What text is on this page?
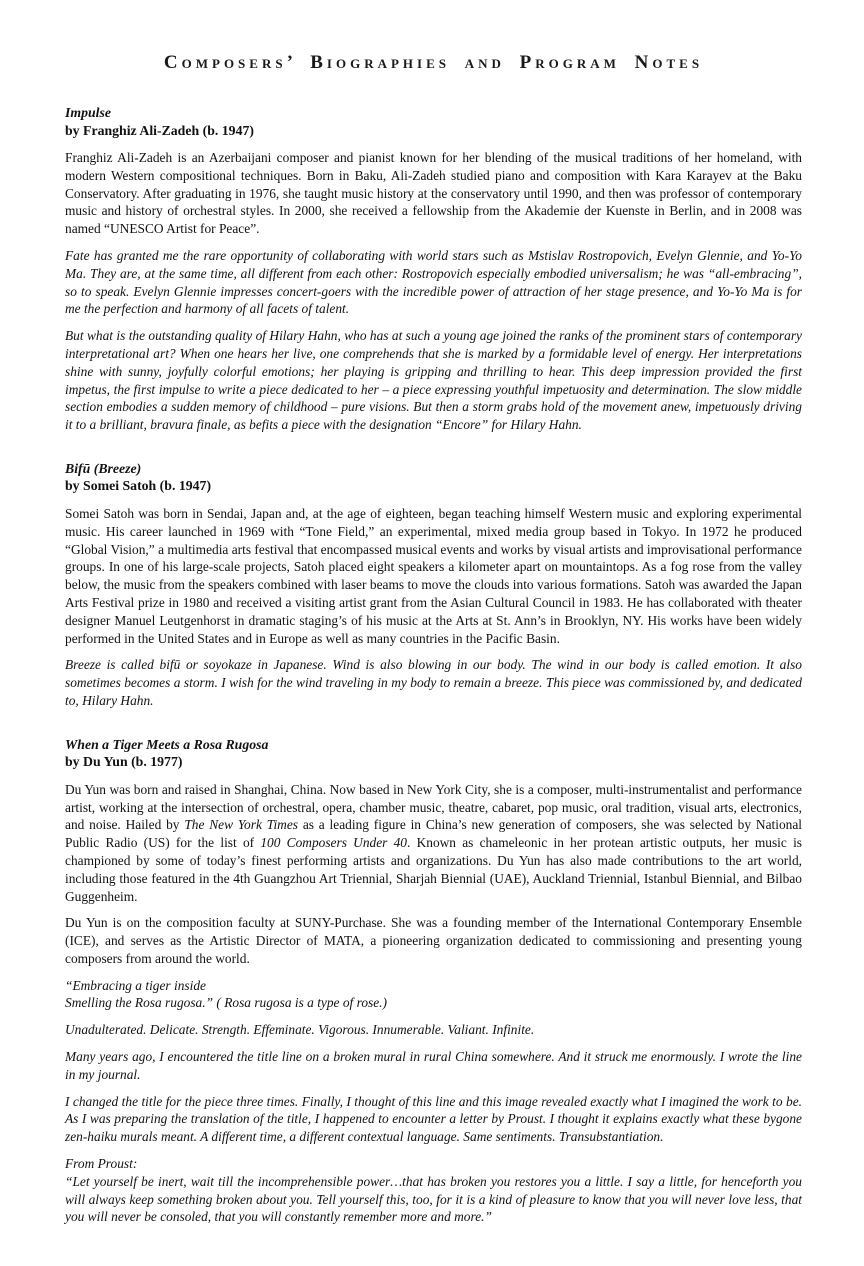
Composers’ Biographies and Program Notes
Impulse
by Franghiz Ali-Zadeh (b. 1947)

Franghiz Ali-Zadeh is an Azerbaijani composer and pianist known for her blending of the musical traditions of her homeland, with modern Western compositional techniques. Born in Baku, Ali-Zadeh studied piano and composition with Kara Karayev at the Baku Conservatory. After graduating in 1976, she taught music history at the conservatory until 1990, and then was professor of contemporary music and history of orchestral styles. In 2000, she received a fellowship from the Akademie der Kuenste in Berlin, and in 2008 was named “UNESCO Artist for Peace”.

Fate has granted me the rare opportunity of collaborating with world stars such as Mstislav Rostropovich, Evelyn Glennie, and Yo-Yo Ma. They are, at the same time, all different from each other: Rostropovich especially embodied universalism; he was “all-embracing”, so to speak. Evelyn Glennie impresses concert-goers with the incredible power of attraction of her stage presence, and Yo-Yo Ma is for me the perfection and harmony of all facets of talent.

But what is the outstanding quality of Hilary Hahn, who has at such a young age joined the ranks of the prominent stars of contemporary interpretational art? When one hears her live, one comprehends that she is marked by a formidable level of energy. Her interpretations shine with sunny, joyfully colorful emotions; her playing is gripping and thrilling to hear. This deep impression provided the first impetus, the first impulse to write a piece dedicated to her – a piece expressing youthful impetuosity and determination. The slow middle section embodies a sudden memory of childhood – pure visions. But then a storm grabs hold of the movement anew, impetuously driving it to a brilliant, bravura finale, as befits a piece with the designation “Encore” for Hilary Hahn.

Bifū (Breeze)
by Somei Satoh (b. 1947)

Somei Satoh was born in Sendai, Japan and, at the age of eighteen, began teaching himself Western music and exploring experimental music. His career launched in 1969 with “Tone Field,” an experimental, mixed media group based in Tokyo. In 1972 he produced “Global Vision,” a multimedia arts festival that encompassed musical events and works by visual artists and improvisational performance groups. In one of his large-scale projects, Satoh placed eight speakers a kilometer apart on mountaintops. As a fog rose from the valley below, the music from the speakers combined with laser beams to move the clouds into various formations. Satoh was awarded the Japan Arts Festival prize in 1980 and received a visiting artist grant from the Asian Cultural Council in 1983. He has collaborated with theater designer Manuel Leutgenhorst in dramatic staging’s of his music at the Arts at St. Ann’s in Brooklyn, NY. His works have been widely performed in the United States and in Europe as well as many countries in the Pacific Basin.

Breeze is called bifū or soyokaze in Japanese. Wind is also blowing in our body. The wind in our body is called emotion. It also sometimes becomes a storm. I wish for the wind traveling in my body to remain a breeze. This piece was commissioned by, and dedicated to, Hilary Hahn.

When a Tiger Meets a Rosa Rugosa
by Du Yun (b. 1977)

Du Yun was born and raised in Shanghai, China. Now based in New York City, she is a composer, multi-instrumentalist and performance artist, working at the intersection of orchestral, opera, chamber music, theatre, cabaret, pop music, oral tradition, visual arts, electronics, and noise. Hailed by The New York Times as a leading figure in China’s new generation of composers, she was selected by National Public Radio (US) for the list of 100 Composers Under 40. Known as chameleonic in her protean artistic outputs, her music is championed by some of today’s finest performing artists and organizations. Du Yun has also made contributions to the art world, including those featured in the 4th Guangzhou Art Triennial, Sharjah Biennial (UAE), Auckland Triennial, Istanbul Biennial, and Bilbao Guggenheim.

Du Yun is on the composition faculty at SUNY-Purchase. She was a founding member of the International Contemporary Ensemble (ICE), and serves as the Artistic Director of MATA, a pioneering organization dedicated to commissioning and presenting young composers from around the world.

“Embracing a tiger inside
Smelling the Rosa rugosa.” ( Rosa rugosa is a type of rose.)

Unadulterated. Delicate. Strength. Effeminate. Vigorous. Innumerable. Valiant. Infinite.

Many years ago, I encountered the title line on a broken mural in rural China somewhere. And it struck me enormously. I wrote the line in my journal.

I changed the title for the piece three times. Finally, I thought of this line and this image revealed exactly what I imagined the work to be. As I was preparing the translation of the title, I happened to encounter a letter by Proust. I thought it explains exactly what these bygone zen-haiku murals meant. A different time, a different contextual language. Same sentiments. Transubstantiation.

From Proust:
“Let yourself be inert, wait till the incomprehensible power…that has broken you restores you a little. I say a little, for henceforth you will always keep something broken about you. Tell yourself this, too, for it is a kind of pleasure to know that you will never love less, that you will never be consoled, that you will constantly remember more and more.”
